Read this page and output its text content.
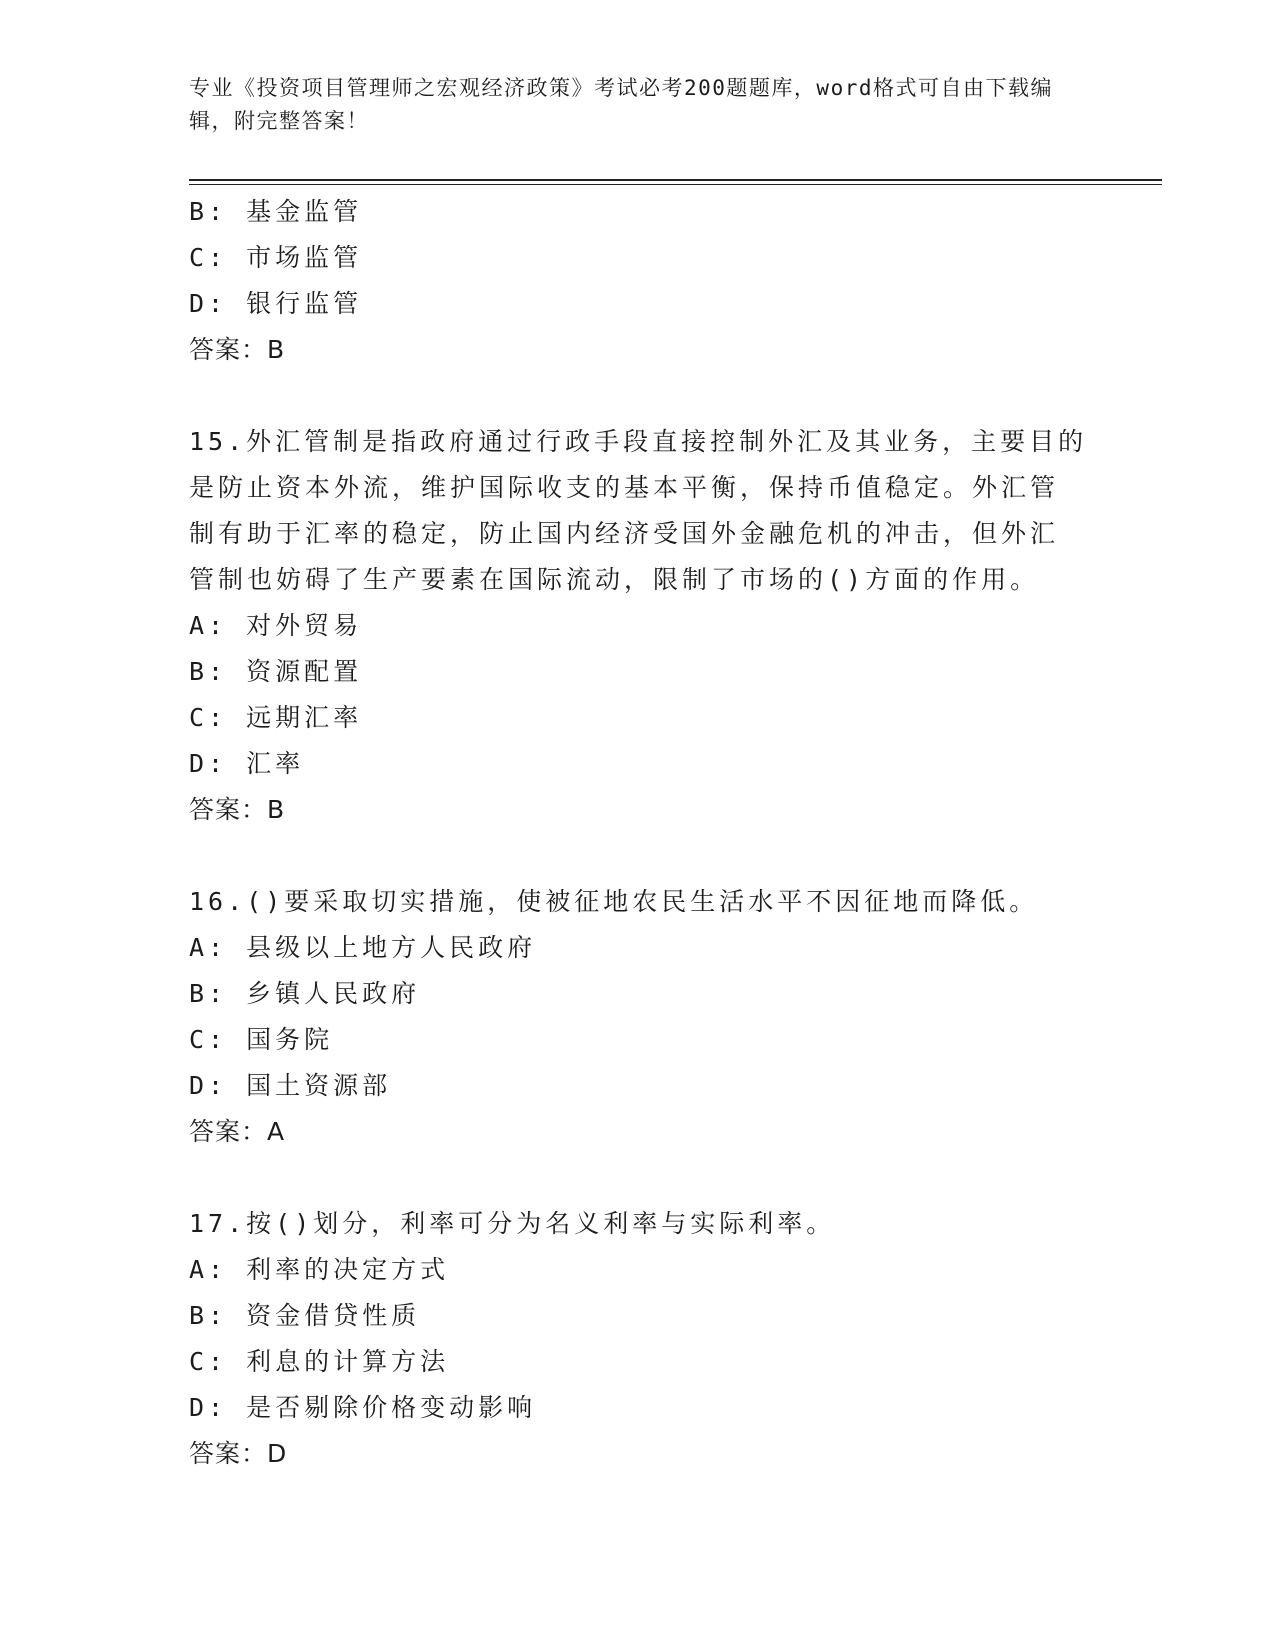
专业《投资项目管理师之宏观经济政策》考试必考200题题库，word格式可自由下载编辑，附完整答案！
B: 基金监管
C: 市场监管
D: 银行监管
答案：B
15.外汇管制是指政府通过行政手段直接控制外汇及其业务，主要目的
是防止资本外流，维护国际收支的基本平衡，保持币值稳定。外汇管
制有助于汇率的稳定，防止国内经济受国外金融危机的冲击，但外汇
管制也妨碍了生产要素在国际流动，限制了市场的()方面的作用。
A: 对外贸易
B: 资源配置
C: 远期汇率
D: 汇率
答案：B
16.()要采取切实措施，使被征地农民生活水平不因征地而降低。
A: 县级以上地方人民政府
B: 乡镇人民政府
C: 国务院
D: 国土资源部
答案：A
17.按()划分，利率可分为名义利率与实际利率。
A: 利率的决定方式
B: 资金借贷性质
C: 利息的计算方法
D: 是否剔除价格变动影响
答案：D
